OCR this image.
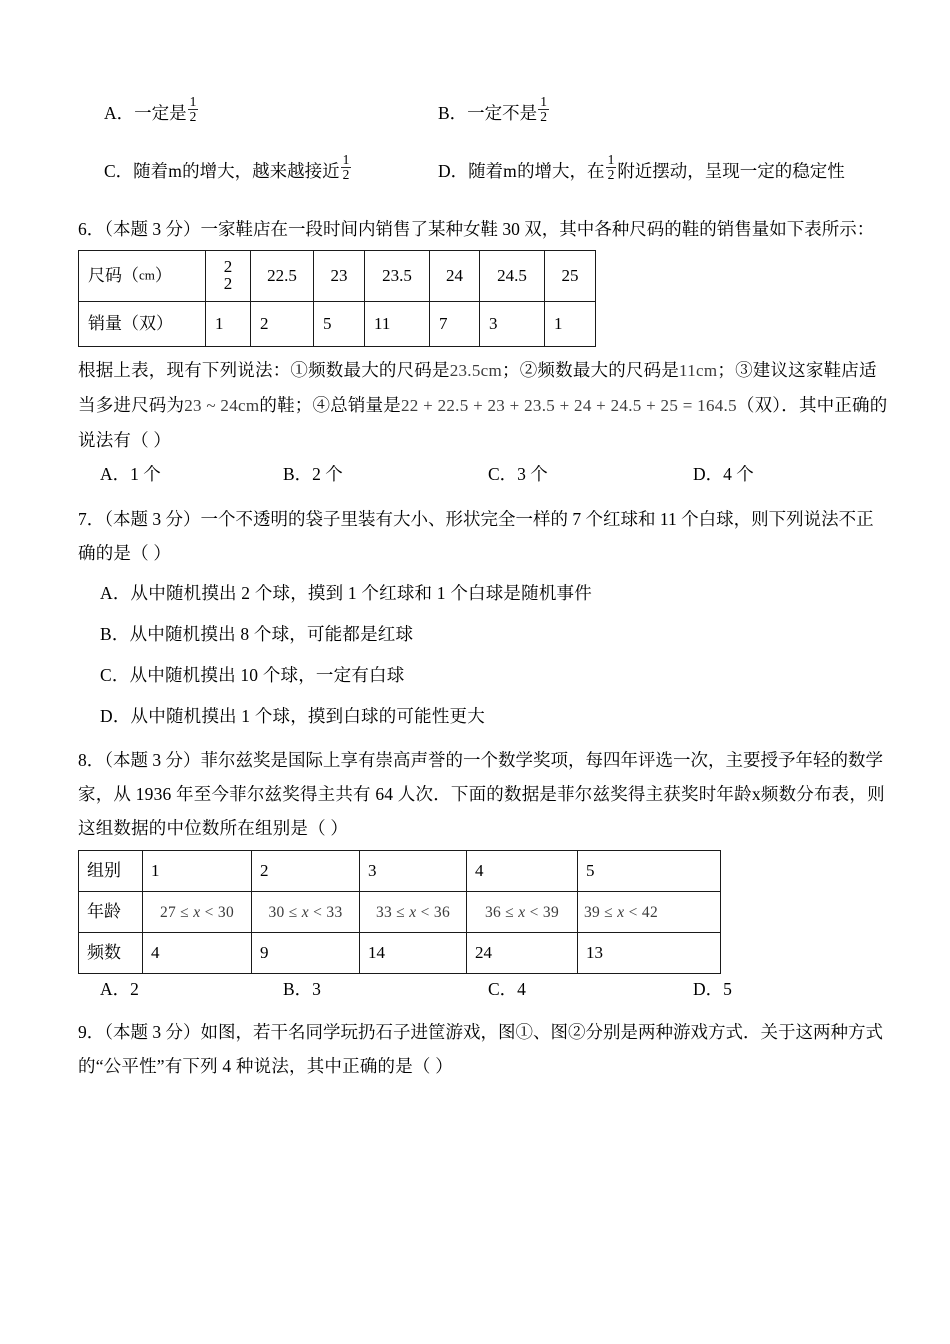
A．一定是 $\frac{1}{2}$	B．一定不是 $\frac{1}{2}$
C．随着m的增大，越来越接近 $\frac{1}{2}$	D．随着m的增大，在 $\frac{1}{2}$ 附近摆动，呈现一定的稳定性
6．（本题 3 分）一家鞋店在一段时间内销售了某种女鞋 30 双，其中各种尺码的鞋的销售量如下表所示：
尺码（cm）	22	22.5	23	23.5	24	24.5	25
销量（双）	1	2	5	11	7	3	1
根据上表，现有下列说法：①频数最大的尺码是23.5cm；②频数最大的尺码是11cm；③建议这家鞋店适
当多进尺码为23 ~ 24cm的鞋；④总销量是22 + 22.5 + 23 + 23.5 + 24 + 24.5 + 25 = 164.5（双）．其中正确的
说法有（ ）
A．1 个	B．2 个	C．3 个	D．4 个
7．（本题 3 分）一个不透明的袋子里装有大小、形状完全一样的 7 个红球和 11 个白球，则下列说法不正
确的是（ ）
A．从中随机摸出 2 个球，摸到 1 个红球和 1 个白球是随机事件
B．从中随机摸出 8 个球，可能都是红球
C．从中随机摸出 10 个球，一定有白球
D．从中随机摸出 1 个球，摸到白球的可能性更大
8．（本题 3 分）菲尔兹奖是国际上享有崇高声誉的一个数学奖项，每四年评选一次，主要授予年轻的数学
家，从 1936 年至今菲尔兹奖得主共有 64 人次．下面的数据是菲尔兹奖得主获奖时年龄x频数分布表，则
这组数据的中位数所在组别是（ ）
组别	1	2	3	4	5
年龄	27 ≤ x < 30	30 ≤ x < 33	33 ≤ x < 36	36 ≤ x < 39	39 ≤ x < 42
频数	4	9	14	24	13
A．2	B．3	C．4	D．5
9．（本题 3 分）如图，若干名同学玩扔石子进筐游戏，图①、图②分别是两种游戏方式．关于这两种方式
的“公平性”有下列 4 种说法，其中正确的是（ ）
